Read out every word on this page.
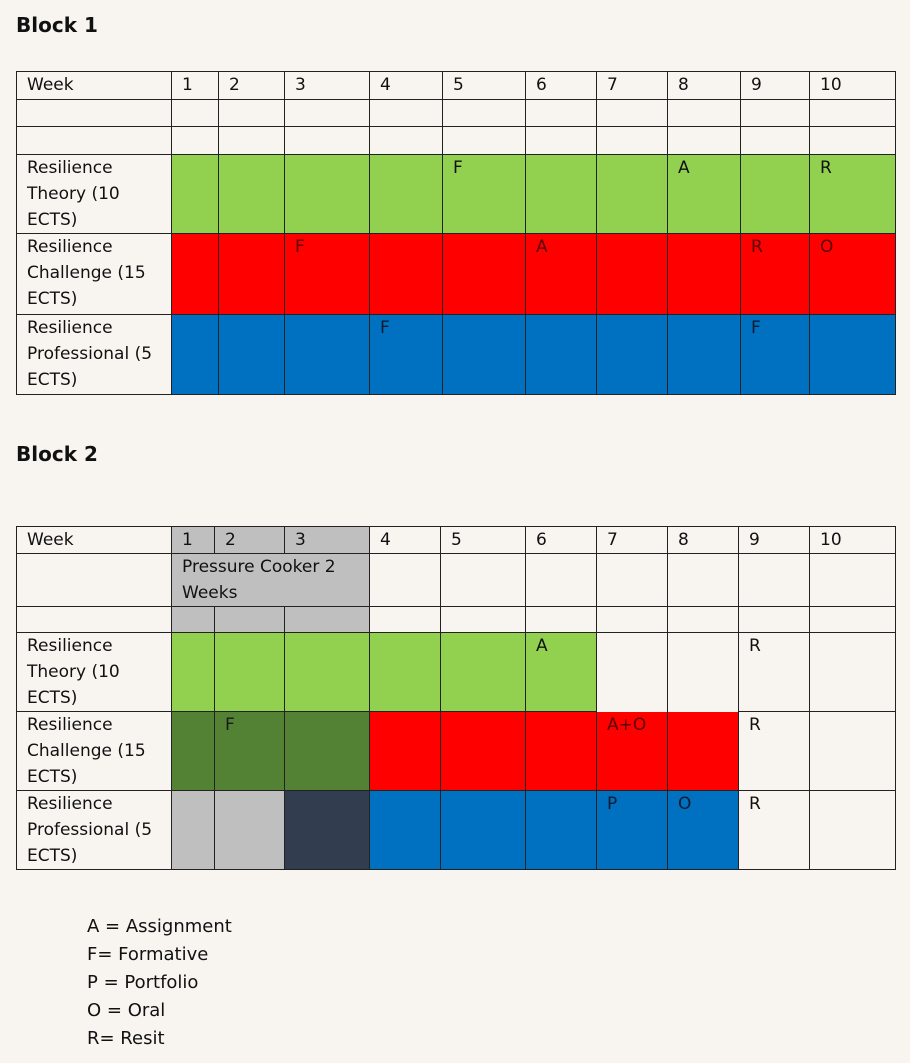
Block 1
Week	1	2	3	4	5	6	7	8	9	10

Resilience Theory (10 ECTS)					F			A		R
Resilience Challenge (15 ECTS)			F			A			R	O
Resilience Professional (5 ECTS)				F					F	
Block 2
Week	1	2	3	4	5	6	7	8	9	10
	Pressure Cooker 2 Weeks									

Resilience Theory (10 ECTS)						A			R	
Resilience Challenge (15 ECTS)		F					A+O		R	
Resilience Professional (5 ECTS)							P	O	R	
A = Assignment
F= Formative
P = Portfolio
O = Oral
R= Resit
